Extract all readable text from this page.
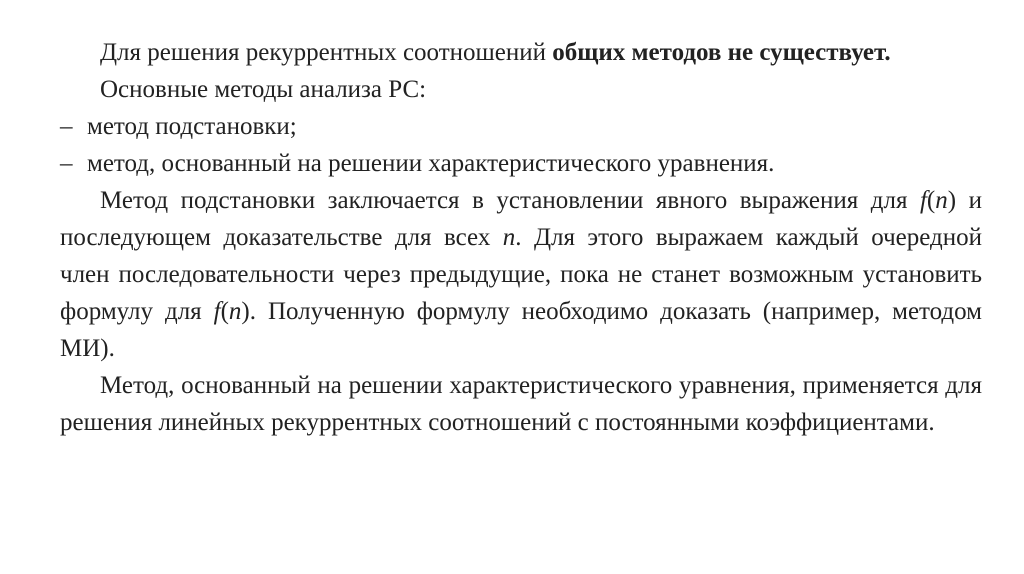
Для решения рекуррентных соотношений общих методов не существует.

Основные методы анализа РС:

– метод подстановки;
– метод, основанный на решении характеристического уравнения.

Метод подстановки заключается в установлении явного выражения для f(n) и последующем доказательстве для всех n. Для этого выражаем каждый очередной член последовательности через предыдущие, пока не станет возможным установить формулу для f(n). Полученную формулу необходимо доказать (например, методом МИ).

Метод, основанный на решении характеристического уравнения, применяется для решения линейных рекуррентных соотношений с постоянными коэффициентами.
